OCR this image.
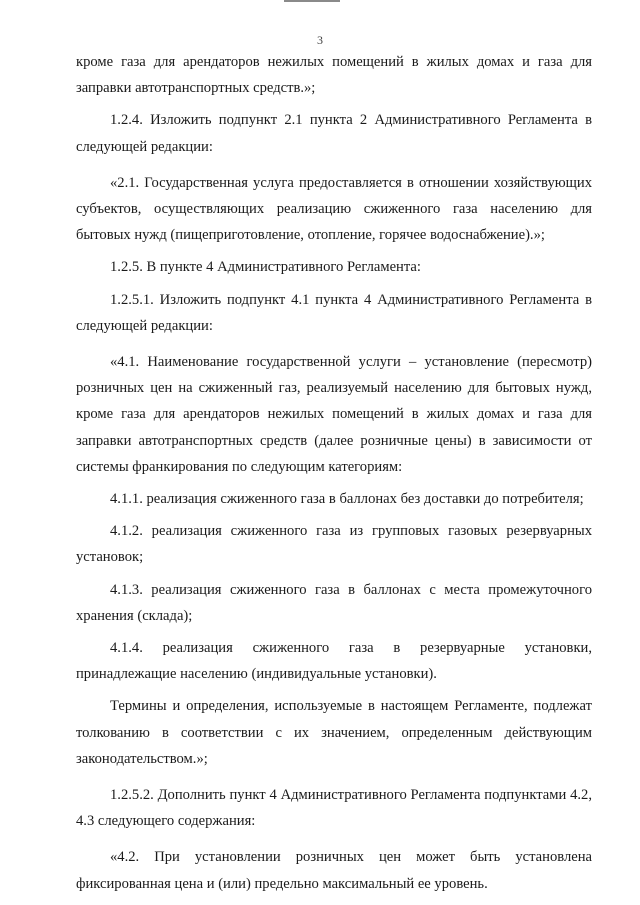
3

кроме газа для арендаторов нежилых помещений в жилых домах и газа для заправки автотранспортных средств.»;

1.2.4. Изложить подпункт 2.1 пункта 2 Административного Регламента в следующей редакции:

«2.1. Государственная услуга предоставляется в отношении хозяйствующих субъектов, осуществляющих реализацию сжиженного газа населению для бытовых нужд (пищеприготовление, отопление, горячее водоснабжение).»;

1.2.5. В пункте 4 Административного Регламента:

1.2.5.1. Изложить подпункт 4.1 пункта 4 Административного Регламента в следующей редакции:

«4.1. Наименование государственной услуги – установление (пересмотр) розничных цен на сжиженный газ, реализуемый населению для бытовых нужд, кроме газа для арендаторов нежилых помещений в жилых домах и газа для заправки автотранспортных средств (далее розничные цены) в зависимости от системы франкирования по следующим категориям:

4.1.1. реализация сжиженного газа в баллонах без доставки до потребителя;

4.1.2. реализация сжиженного газа из групповых газовых резервуарных установок;

4.1.3. реализация сжиженного газа в баллонах с места промежуточного хранения (склада);

4.1.4. реализация сжиженного газа в резервуарные установки, принадлежащие населению (индивидуальные установки).

Термины и определения, используемые в настоящем Регламенте, подлежат толкованию в соответствии с их значением, определенным действующим законодательством.»;

1.2.5.2. Дополнить пункт 4 Административного Регламента подпунктами 4.2, 4.3 следующего содержания:

«4.2. При установлении розничных цен может быть установлена фиксированная цена и (или) предельно максимальный ее уровень.
